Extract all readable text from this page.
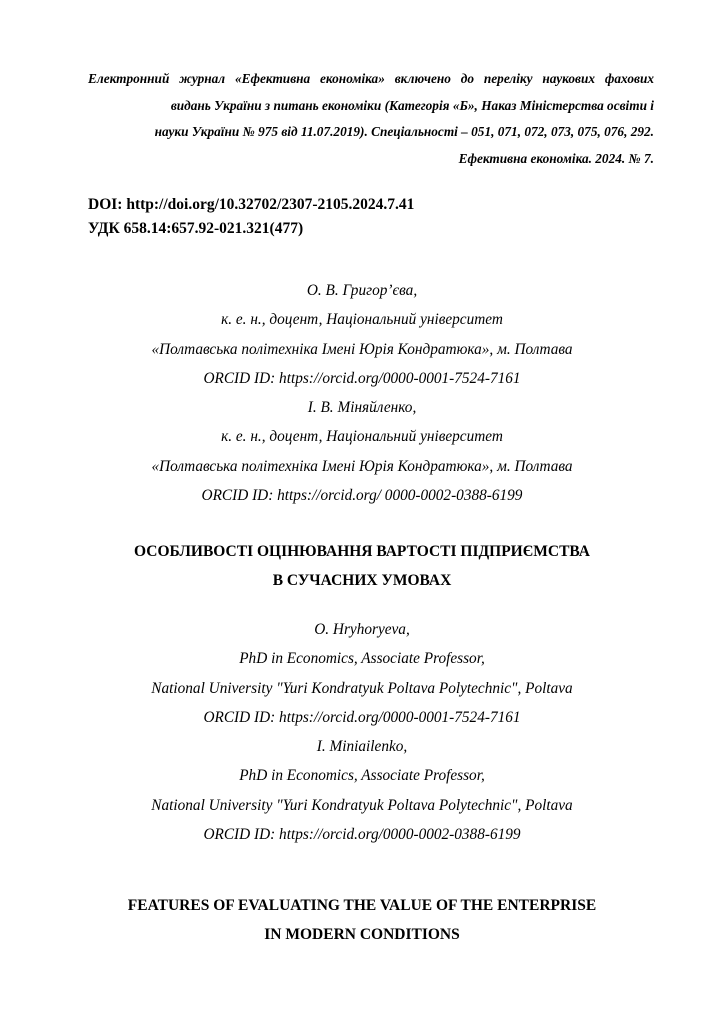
Електронний журнал «Ефективна економіка» включено до переліку наукових фахових
видань України з питань економіки (Категорія «Б», Наказ Міністерства освіти і
науки України № 975 від 11.07.2019). Спеціальності – 051, 071, 072, 073, 075, 076, 292.
Ефективна економіка. 2024. № 7.
DOI: http://doi.org/10.32702/2307-2105.2024.7.41
УДК 658.14:657.92-021.321(477)
О. В. Григор’єва,
к. е. н., доцент, Національний університет
«Полтавська політехніка Імені Юрія Кондратюка», м. Полтава
ORCID ID: https://orcid.org/0000-0001-7524-7161
І. В. Міняйленко,
к. е. н., доцент, Національний університет
«Полтавська політехніка Імені Юрія Кондратюка», м. Полтава
ORCID ID: https://orcid.org/ 0000-0002-0388-6199
ОСОБЛИВОСТІ ОЦІНЮВАННЯ ВАРТОСТІ ПІДПРИЄМСТВА
В СУЧАСНИХ УМОВАХ
O. Hryhoryeva,
PhD in Economics, Associate Professor,
National University "Yuri Kondratyuk Poltava Polytechnic", Poltava
ORCID ID: https://orcid.org/0000-0001-7524-7161
I. Miniailenko,
PhD in Economics, Associate Professor,
National University "Yuri Kondratyuk Poltava Polytechnic", Poltava
ORCID ID: https://orcid.org/0000-0002-0388-6199
FEATURES OF EVALUATING THE VALUE OF THE ENTERPRISE
IN MODERN CONDITIONS
